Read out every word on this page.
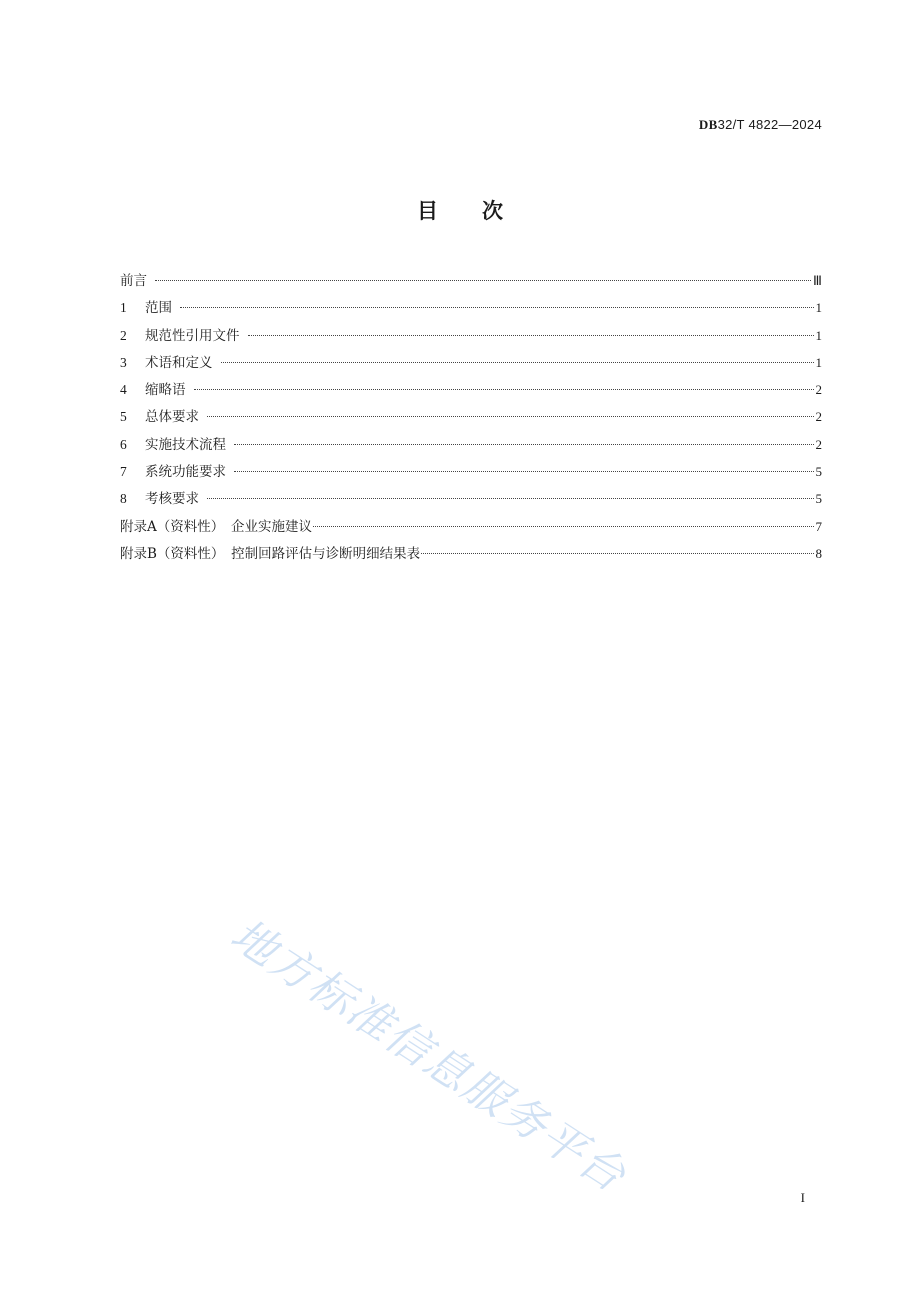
DB32/T 4822—2024
目次
前言	Ⅲ
1	范围	1
2	规范性引用文件	1
3	术语和定义	1
4	缩略语	2
5	总体要求	2
6	实施技术流程	2
7	系统功能要求	5
8	考核要求	5
附录A（资料性）　企业实施建议	7
附录B（资料性）　控制回路评估与诊断明细结果表	8
地方标准信息服务平台	I
